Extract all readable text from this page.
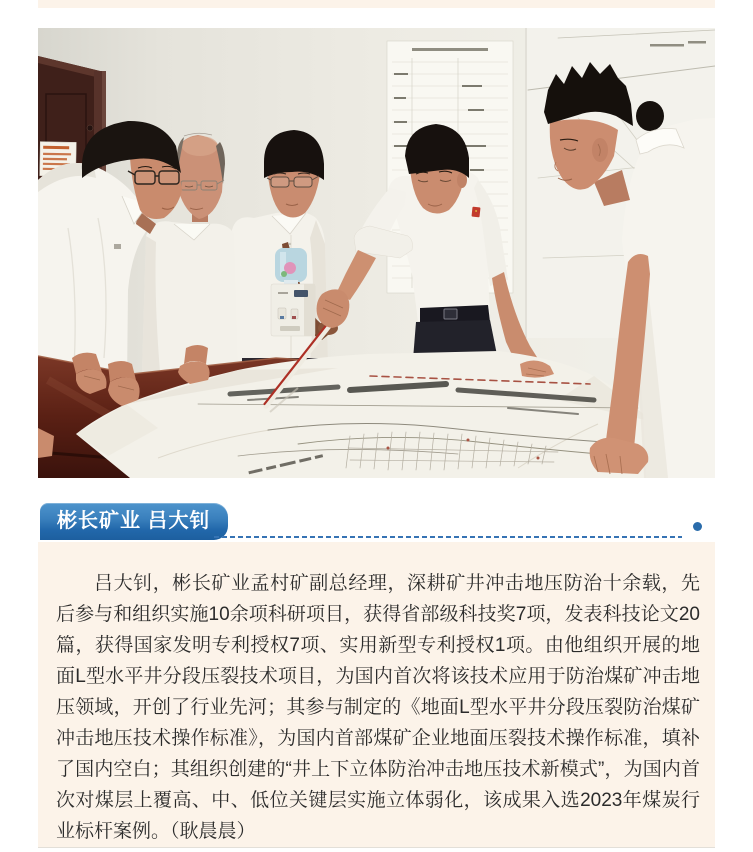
彬长矿业 吕大钊

吕大钊，彬长矿业孟村矿副总经理，深耕矿井冲击地压防治十余载，先后参与和组织实施10余项科研项目，获得省部级科技奖7项，发表科技论文20篇，获得国家发明专利授权7项、实用新型专利授权1项。由他组织开展的地面L型水平井分段压裂技术项目，为国内首次将该技术应用于防治煤矿冲击地压领域，开创了行业先河；其参与制定的《地面L型水平井分段压裂防治煤矿冲击地压技术操作标准》，为国内首部煤矿企业地面压裂技术操作标准，填补了国内空白；其组织创建的“井上下立体防治冲击地压技术新模式”，为国内首次对煤层上覆高、中、低位关键层实施立体弱化，该成果入选2023年煤炭行业标杆案例。（耿晨晨）
